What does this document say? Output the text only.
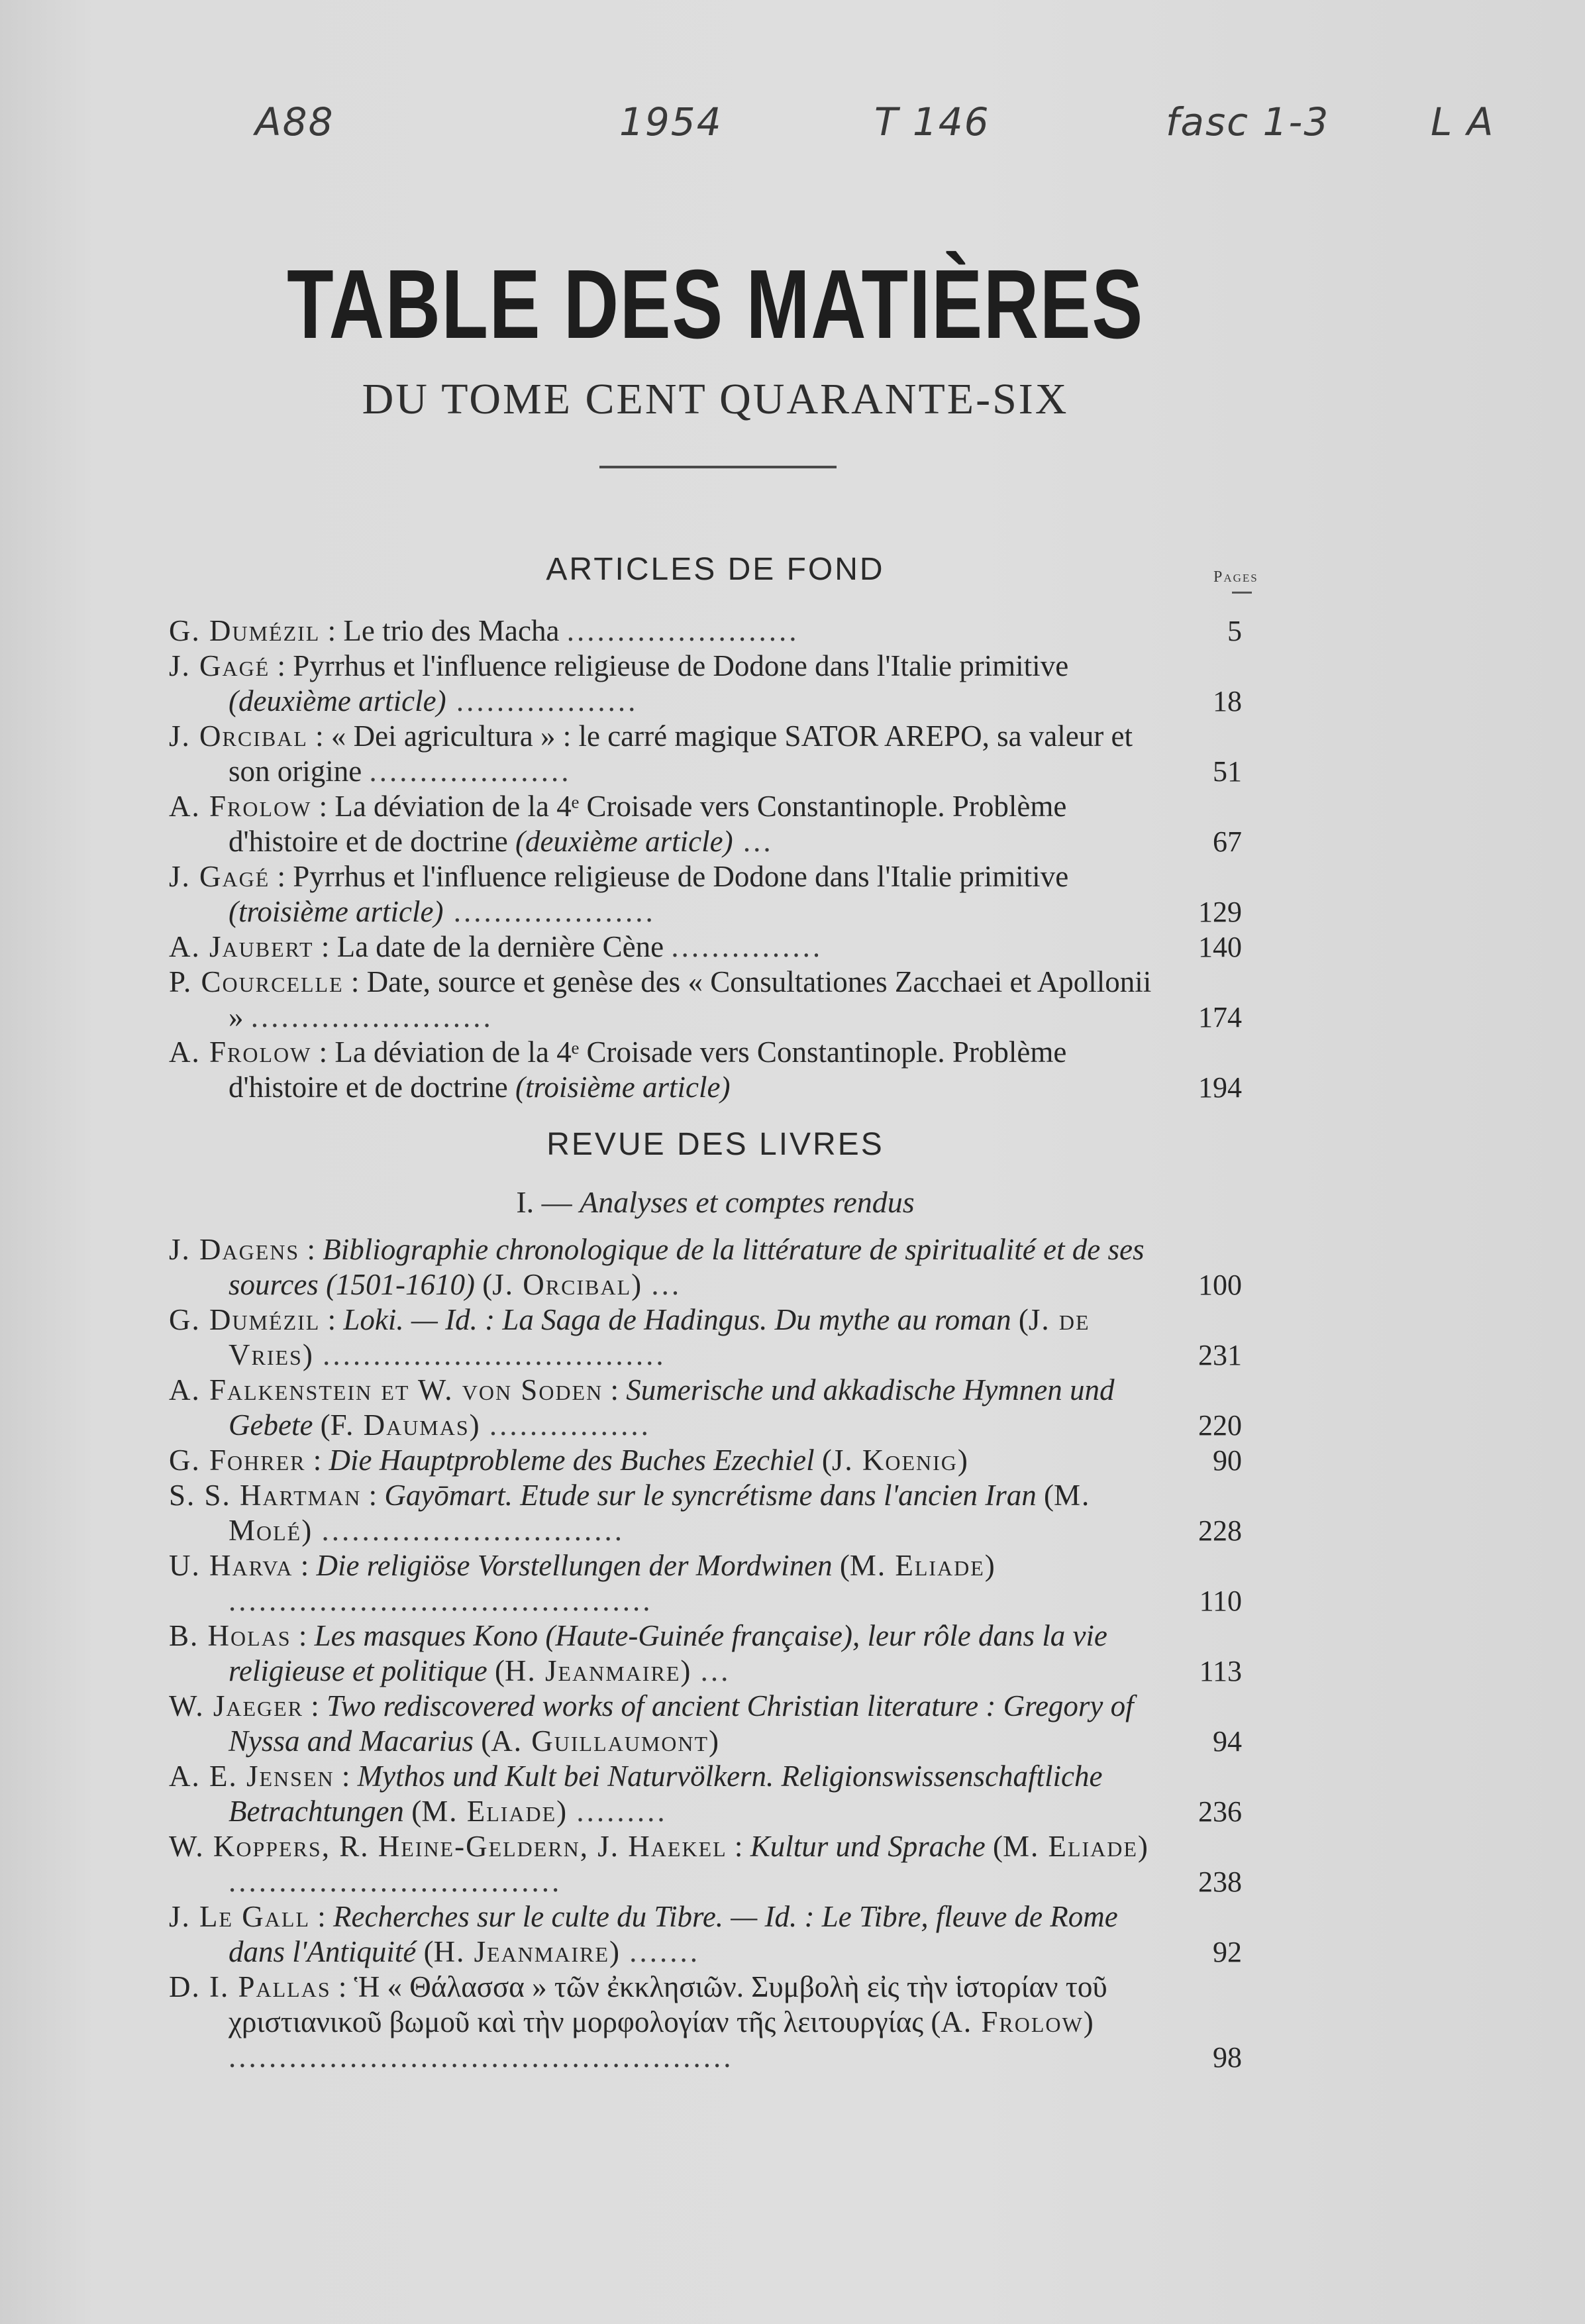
A88	1954	T 146	fasc 1-3	L A
TABLE DES MATIÈRES
DU TOME CENT QUARANTE-SIX
ARTICLES DE FOND	Pages
G. Dumézil : Le trio des Macha .......................	5
J. Gagé : Pyrrhus et l'influence religieuse de Dodone dans l'Italie primitive (deuxième article) ..................	18
J. Orcibal : « Dei agricultura » : le carré magique SATOR AREPO, sa valeur et son origine ....................	51
A. Frolow : La déviation de la 4ᵉ Croisade vers Constantinople. Problème d'histoire et de doctrine (deuxième article) ...	67
J. Gagé : Pyrrhus et l'influence religieuse de Dodone dans l'Italie primitive (troisième article) ....................	129
A. Jaubert : La date de la dernière Cène ...............	140
P. Courcelle : Date, source et genèse des « Consultationes Zacchaei et Apollonii » ........................	174
A. Frolow : La déviation de la 4ᵉ Croisade vers Constantinople. Problème d'histoire et de doctrine (troisième article)	194
REVUE DES LIVRES
I. — Analyses et comptes rendus
J. Dagens : Bibliographie chronologique de la littérature de spiritualité et de ses sources (1501-1610) (J. Orcibal) ...	100
G. Dumézil : Loki. — Id. : La Saga de Hadingus. Du mythe au roman (J. de Vries) ..................................	231
A. Falkenstein et W. von Soden : Sumerische und akkadische Hymnen und Gebete (F. Daumas) ................	220
G. Fohrer : Die Hauptprobleme des Buches Ezechiel (J. Koenig)	90
S. S. Hartman : Gayōmart. Etude sur le syncrétisme dans l'ancien Iran (M. Molé) ..............................	228
U. Harva : Die religiöse Vorstellungen der Mordwinen (M. Eliade) ..........................................	110
B. Holas : Les masques Kono (Haute-Guinée française), leur rôle dans la vie religieuse et politique (H. Jeanmaire) ...	113
W. Jaeger : Two rediscovered works of ancient Christian literature : Gregory of Nyssa and Macarius (A. Guillaumont)	94
A. E. Jensen : Mythos und Kult bei Naturvölkern. Religionswissenschaftliche Betrachtungen (M. Eliade) .........	236
W. Koppers, R. Heine-Geldern, J. Haekel : Kultur und Sprache (M. Eliade) .................................	238
J. Le Gall : Recherches sur le culte du Tibre. — Id. : Le Tibre, fleuve de Rome dans l'Antiquité (H. Jeanmaire) .......	92
D. I. Pallas : Ἡ « Θάλασσα » τῶν ἐκκλησιῶν. Συμβολὴ εἰς τὴν ἱστορίαν τοῦ χριστιανικοῦ βωμοῦ καὶ τὴν μορφολογίαν τῆς λειτουργίας (A. Frolow) ..................................................	98
